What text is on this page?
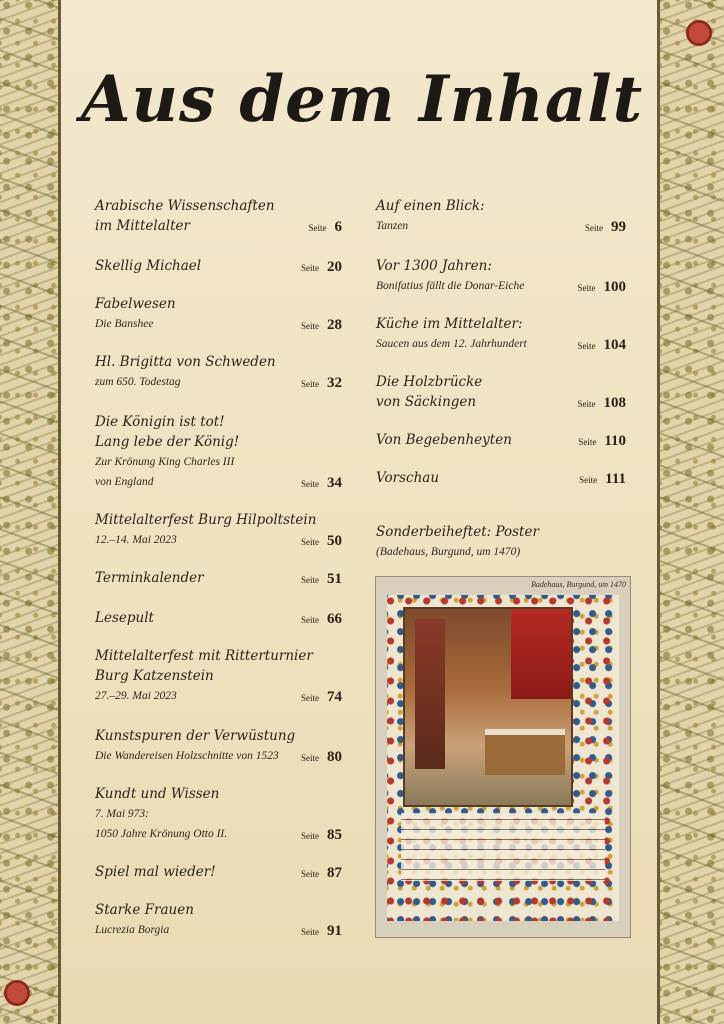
Aus dem Inhalt
Arabische Wissenschaften
im Mittelalter	Seite 6
Skellig Michael	Seite 20
Fabelwesen
Die Banshee	Seite 28
Hl. Brigitta von Schweden
zum 650. Todestag	Seite 32
Die Königin ist tot!
Lang lebe der König!
Zur Krönung King Charles III
von England	Seite 34
Mittelalterfest Burg Hilpoltstein
12.–14. Mai 2023	Seite 50
Terminkalender	Seite 51
Lesepult	Seite 66
Mittelalterfest mit Ritterturnier
Burg Katzenstein
27.–29. Mai 2023	Seite 74
Kunstspuren der Verwüstung
Die Wandereisen Holzschnitte von 1523	Seite 80
Kundt und Wissen
7. Mai 973:
1050 Jahre Krönung Otto II.	Seite 85
Spiel mal wieder!	Seite 87
Starke Frauen
Lucrezia Borgia	Seite 91
Auf einen Blick:
Tanzen	Seite 99
Vor 1300 Jahren:
Bonifatius fällt die Donar-Eiche	Seite 100
Küche im Mittelalter:
Saucen aus dem 12. Jahrhundert	Seite 104
Die Holzbrücke
von Säckingen	Seite 108
Von Begebenheyten	Seite 110
Vorschau	Seite 111
Sonderbeiheftet: Poster
(Badehaus, Burgund, um 1470)
Badehaus, Burgund, um 1470
